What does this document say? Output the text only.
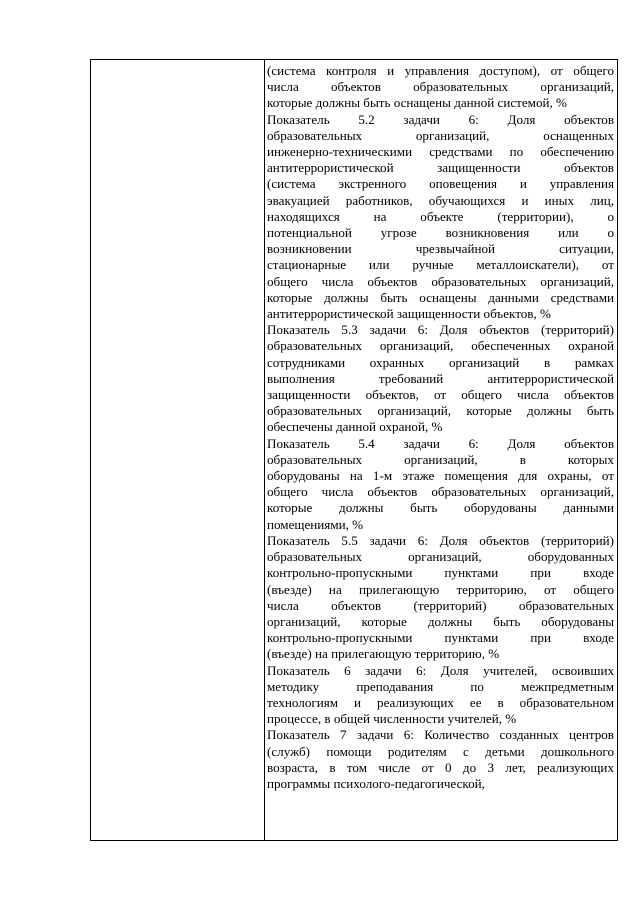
(система контроля и управления доступом), от общего
числа объектов образовательных организаций,
которые должны быть оснащены данной системой, %
Показатель 5.2 задачи 6: Доля объектов
образовательных организаций, оснащенных
инженерно-техническими средствами по обеспечению
антитеррористической защищенности объектов
(система экстренного оповещения и управления
эвакуацией работников, обучающихся и иных лиц,
находящихся на объекте (территории), о
потенциальной угрозе возникновения или о
возникновении чрезвычайной ситуации,
стационарные или ручные металлоискатели), от
общего числа объектов образовательных организаций,
которые должны быть оснащены данными средствами
антитеррористической защищенности объектов, %
Показатель 5.3 задачи 6: Доля объектов (территорий)
образовательных организаций, обеспеченных охраной
сотрудниками охранных организаций в рамках
выполнения требований антитеррористической
защищенности объектов, от общего числа объектов
образовательных организаций, которые должны быть
обеспечены данной охраной, %
Показатель 5.4 задачи 6: Доля объектов
образовательных организаций, в которых
оборудованы на 1-м этаже помещения для охраны, от
общего числа объектов образовательных организаций,
которые должны быть оборудованы данными
помещениями, %
Показатель 5.5 задачи 6: Доля объектов (территорий)
образовательных организаций, оборудованных
контрольно-пропускными пунктами при входе
(въезде) на прилегающую территорию, от общего
числа объектов (территорий) образовательных
организаций, которые должны быть оборудованы
контрольно-пропускными пунктами при входе
(въезде) на прилегающую территорию, %
Показатель 6 задачи 6: Доля учителей, освоивших
методику преподавания по межпредметным
технологиям и реализующих ее в образовательном
процессе, в общей численности учителей, %
Показатель 7 задачи 6: Количество созданных центров
(служб) помощи родителям с детьми дошкольного
возраста, в том числе от 0 до 3 лет, реализующих
программы психолого-педагогической,
